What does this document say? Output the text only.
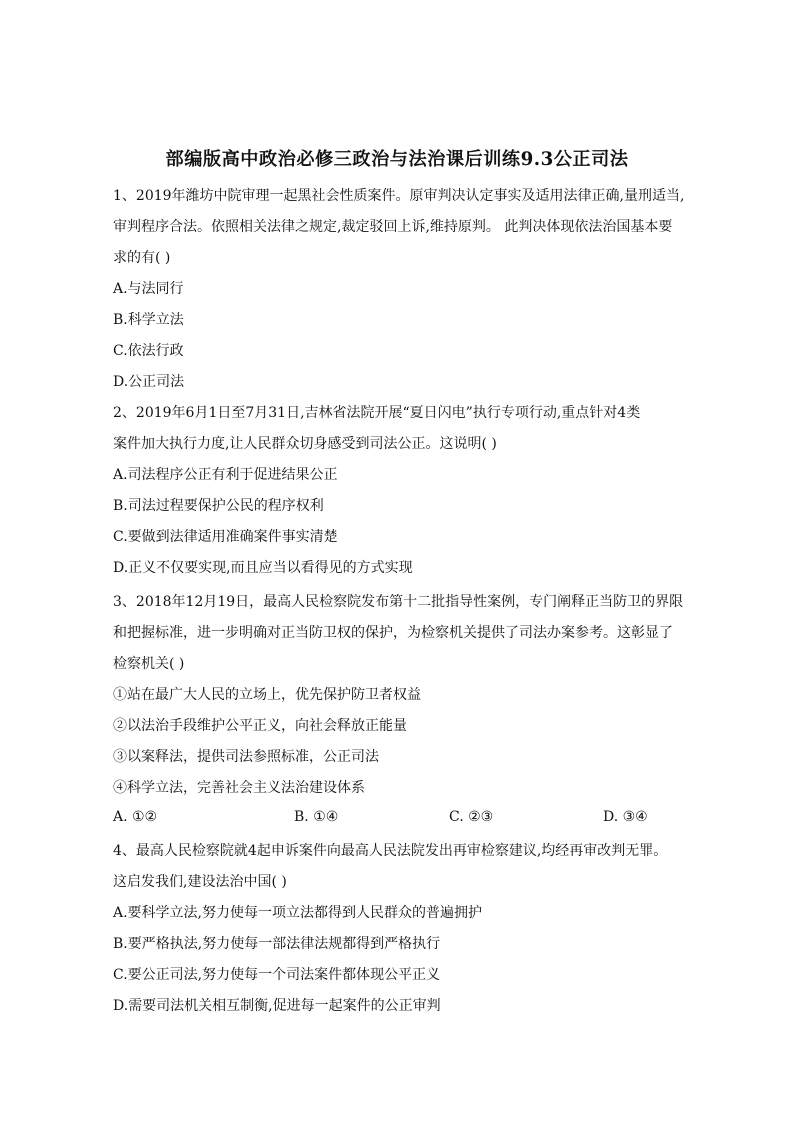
部编版高中政治必修三政治与法治课后训练9.3公正司法
1、2019年潍坊中院审理一起黑社会性质案件。原审判决认定事实及适用法律正确,量刑适当,
审判程序合法。依照相关法律之规定,裁定驳回上诉,维持原判。 此判决体现依法治国基本要
求的有( )
A.与法同行
B.科学立法
C.依法行政
D.公正司法
2、2019年6月1日至7月31日,吉林省法院开展“夏日闪电”执行专项行动,重点针对4类
案件加大执行力度,让人民群众切身感受到司法公正。这说明( )
A.司法程序公正有利于促进结果公正
B.司法过程要保护公民的程序权利
C.要做到法律适用准确案件事实清楚
D.正义不仅要实现,而且应当以看得见的方式实现
3、2018年12月19日，最高人民检察院发布第十二批指导性案例，专门阐释正当防卫的界限
和把握标准，进一步明确对正当防卫权的保护，为检察机关提供了司法办案参考。这彰显了
检察机关( )
①站在最广大人民的立场上，优先保护防卫者权益
②以法治手段维护公平正义，向社会释放正能量
③以案释法，提供司法参照标准，公正司法
④科学立法，完善社会主义法治建设体系
A. ①②	B. ①④	C. ②③	D. ③④
4、最高人民检察院就4起申诉案件向最高人民法院发出再审检察建议,均经再审改判无罪。
这启发我们,建设法治中国( )
A.要科学立法,努力使每一项立法都得到人民群众的普遍拥护
B.要严格执法,努力使每一部法律法规都得到严格执行
C.要公正司法,努力使每一个司法案件都体现公平正义
D.需要司法机关相互制衡,促进每一起案件的公正审判
